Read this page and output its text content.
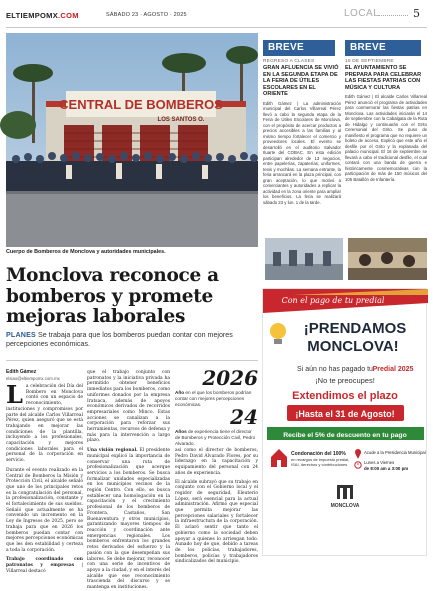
ELTIEMPOMX.COM	SÁBADO 23 · AGOSTO · 2025	LOCAL	5
CENTRAL DE BOMBEROS
LOS SANTOS O.
Cuerpo de Bomberos de Monclova y autoridades municipales.
BREVE
REGRESO A CLASES
GRAN AFLUENCIA SE VIVIÓ EN LA SEGUNDA ETAPA DE LA FERIA DE ÚTILES ESCOLARES EN EL ORIENTE
Edith Gámez | La administración municipal del Carlos Villarreal Pérez llevó a cabo la segunda etapa de la Feria de Útiles Escolares de Monclova, con el propósito de acercar productos a precios accesibles a las familias y al mismo tiempo fortalecer el comercio y proveedores locales. El evento se desarrolló en el auditorio Salvador Ituarte del COBAC. En esta edición participan alrededor de 13 negocios, entre papelerías, zapaterías, uniformes, tenis y mochilas. La semana entrante, la feria arrancará en la plaza principal, con gran aceptación, lo que motivó a comerciantes y autoridades a replicar la actividad en la zona oriente para ampliar los beneficios. La feria se realizará sábado 23 y lun. 1 de la tarde.
BREVE
15 DE SEPTIEMBRE
EL AYUNTAMIENTO SE PREPARA PARA CELEBRAR LAS FIESTAS PATRIAS CON MÚSICA Y CULTURA
Edith Gámez | El alcalde Carlos Villarreal Pérez anunció el programa de actividades para conmemorar las fiestas patrias en Monclova. Las actividades iniciarán el 14 de septiembre con la Cabalgata de la Ruta de Hidalgo y continuarán con el Grito Ceremonial del Grito. Se puso de manifiesto el programa que no requiere un boleto de acceso. Explicó que este año el desfile por el Grito y la explanada del palacio municipal. El 16 de septiembre se llevará a cabo el tradicional desfile, el cual contará con una banda de guerra e históricamente conmemorativas con la participación de más de 150 músicos del 105 Batallón de Infantería.
Monclova reconoce a bomberos y promete mejoras laborales
PLANES Se trabaja para que los bomberos puedan contar con mejores percepciones económicas.
Edith Gámez
elsiao@eltiempomx.com.mx

La celebración del Día del Bombero en Monclova contó con un espacio de reconocimiento, instituciones y compromisos por parte del alcalde Carlos Villarreal Pérez, quien aseguró que se está trabajando en mejorar las condiciones de la plantilla, incluyendo a los profesionales, capacitación y mejores condiciones laborales para el personal de la corporación en servicio.

Durante el evento realizado en la Central de Bomberos la Misión y Protección Civil, el alcalde señaló que uno de los principales retos es la congratulación del personal, la profesionalización, constante y el fortalecimiento de sus sueldos. Señaló que actualmente se ha convenido un incremento en la Ley de Ingresos de 2025, pero se trabaja para que en 2026 los bomberos puedan contar con mejores percepciones económicas que les den estabilidad y certeza a toda la corporación.

Trabajo coordinado con patronatos y empresas | Villarreal destacó

que el trabajo conjunto con patronatos y la iniciativa privada ha permitido obtener beneficios inmediatos para los bomberos, como uniformes donados por la empresa Iratsaca, además de apoyos económicos derivados de recorridos empresariales como Minco. Estas acciones se canalizan a la corporación para reforzar sus herramientas, recursos de defensa y más para la intervención a largo plazo.

Una visión regional. El presidente municipal explicó la importancia de conservar una ruta de profesionalización que acerque servicios a los bomberos. Se busca formalizar unidades especializadas en los municipios vecinos de la región Centro. Con ello, se busca establecer una homologación en la capacitación y el crecimiento profesional de los bomberos de Frontera, Castaños, San Buenaventura y otros municipios, garantizando mayores tiempos de reacción y coordinación ante emergencias regionales. Los bomberos enfrentaron los grandes retos derivados del esfuerzo y la pasión con la que desempeñan sus labores. Se debe mejorar, reconocer con una serie de incentivos de apoyo a la ciudad, y en el interés del alcalde que ese reconocimiento trascienda del discurso y se mantenga en instituciones.

2026
Año en el que los bomberos podrían contar con mejores percepciones económicas.
24
Años de experiencia tiene el director de Bomberos y Protección Civil, Pedro Alvarado.

asi como el director de bomberos, Pedro David Alvarado Flores, por su liderazgo en la capacitación y equipamiento del personal con 24 años de experiencia.

El alcalde subrayó que su trabajo en conjunto con el Gobierno local y el regidor de seguridad, Eleuterio López, será esencial para la actual administración. Afirmó que especial que permita mejorar las percepciones salariales y fortalecer la infraestructura de la corporación. Él aclaró sentir que tanto el gobierno como la sociedad deben apoyar a quienes lo arriesgan todo. Aunado hoy de que, debido a tareas de los policías, trabajadores, bomberos, policías y trabajadores sindicalizados del municipio.

Con el pago de tu predial
¡PRENDAMOS
MONCLOVA!
Si aún no has pagado tu Predial 2025
¡No te preocupes!
Extendimos el plazo
¡Hasta el 31 de Agosto!
Recibe el 5% de descuento en tu pago
Condonación del 100%
en recargos de impuesto predial, ISAI, derechos y contribuciones
Acude a la Presidencia Municipal
Lunes a Viernes
de 8:00 am a 3:00 pm
MONCLOVA
